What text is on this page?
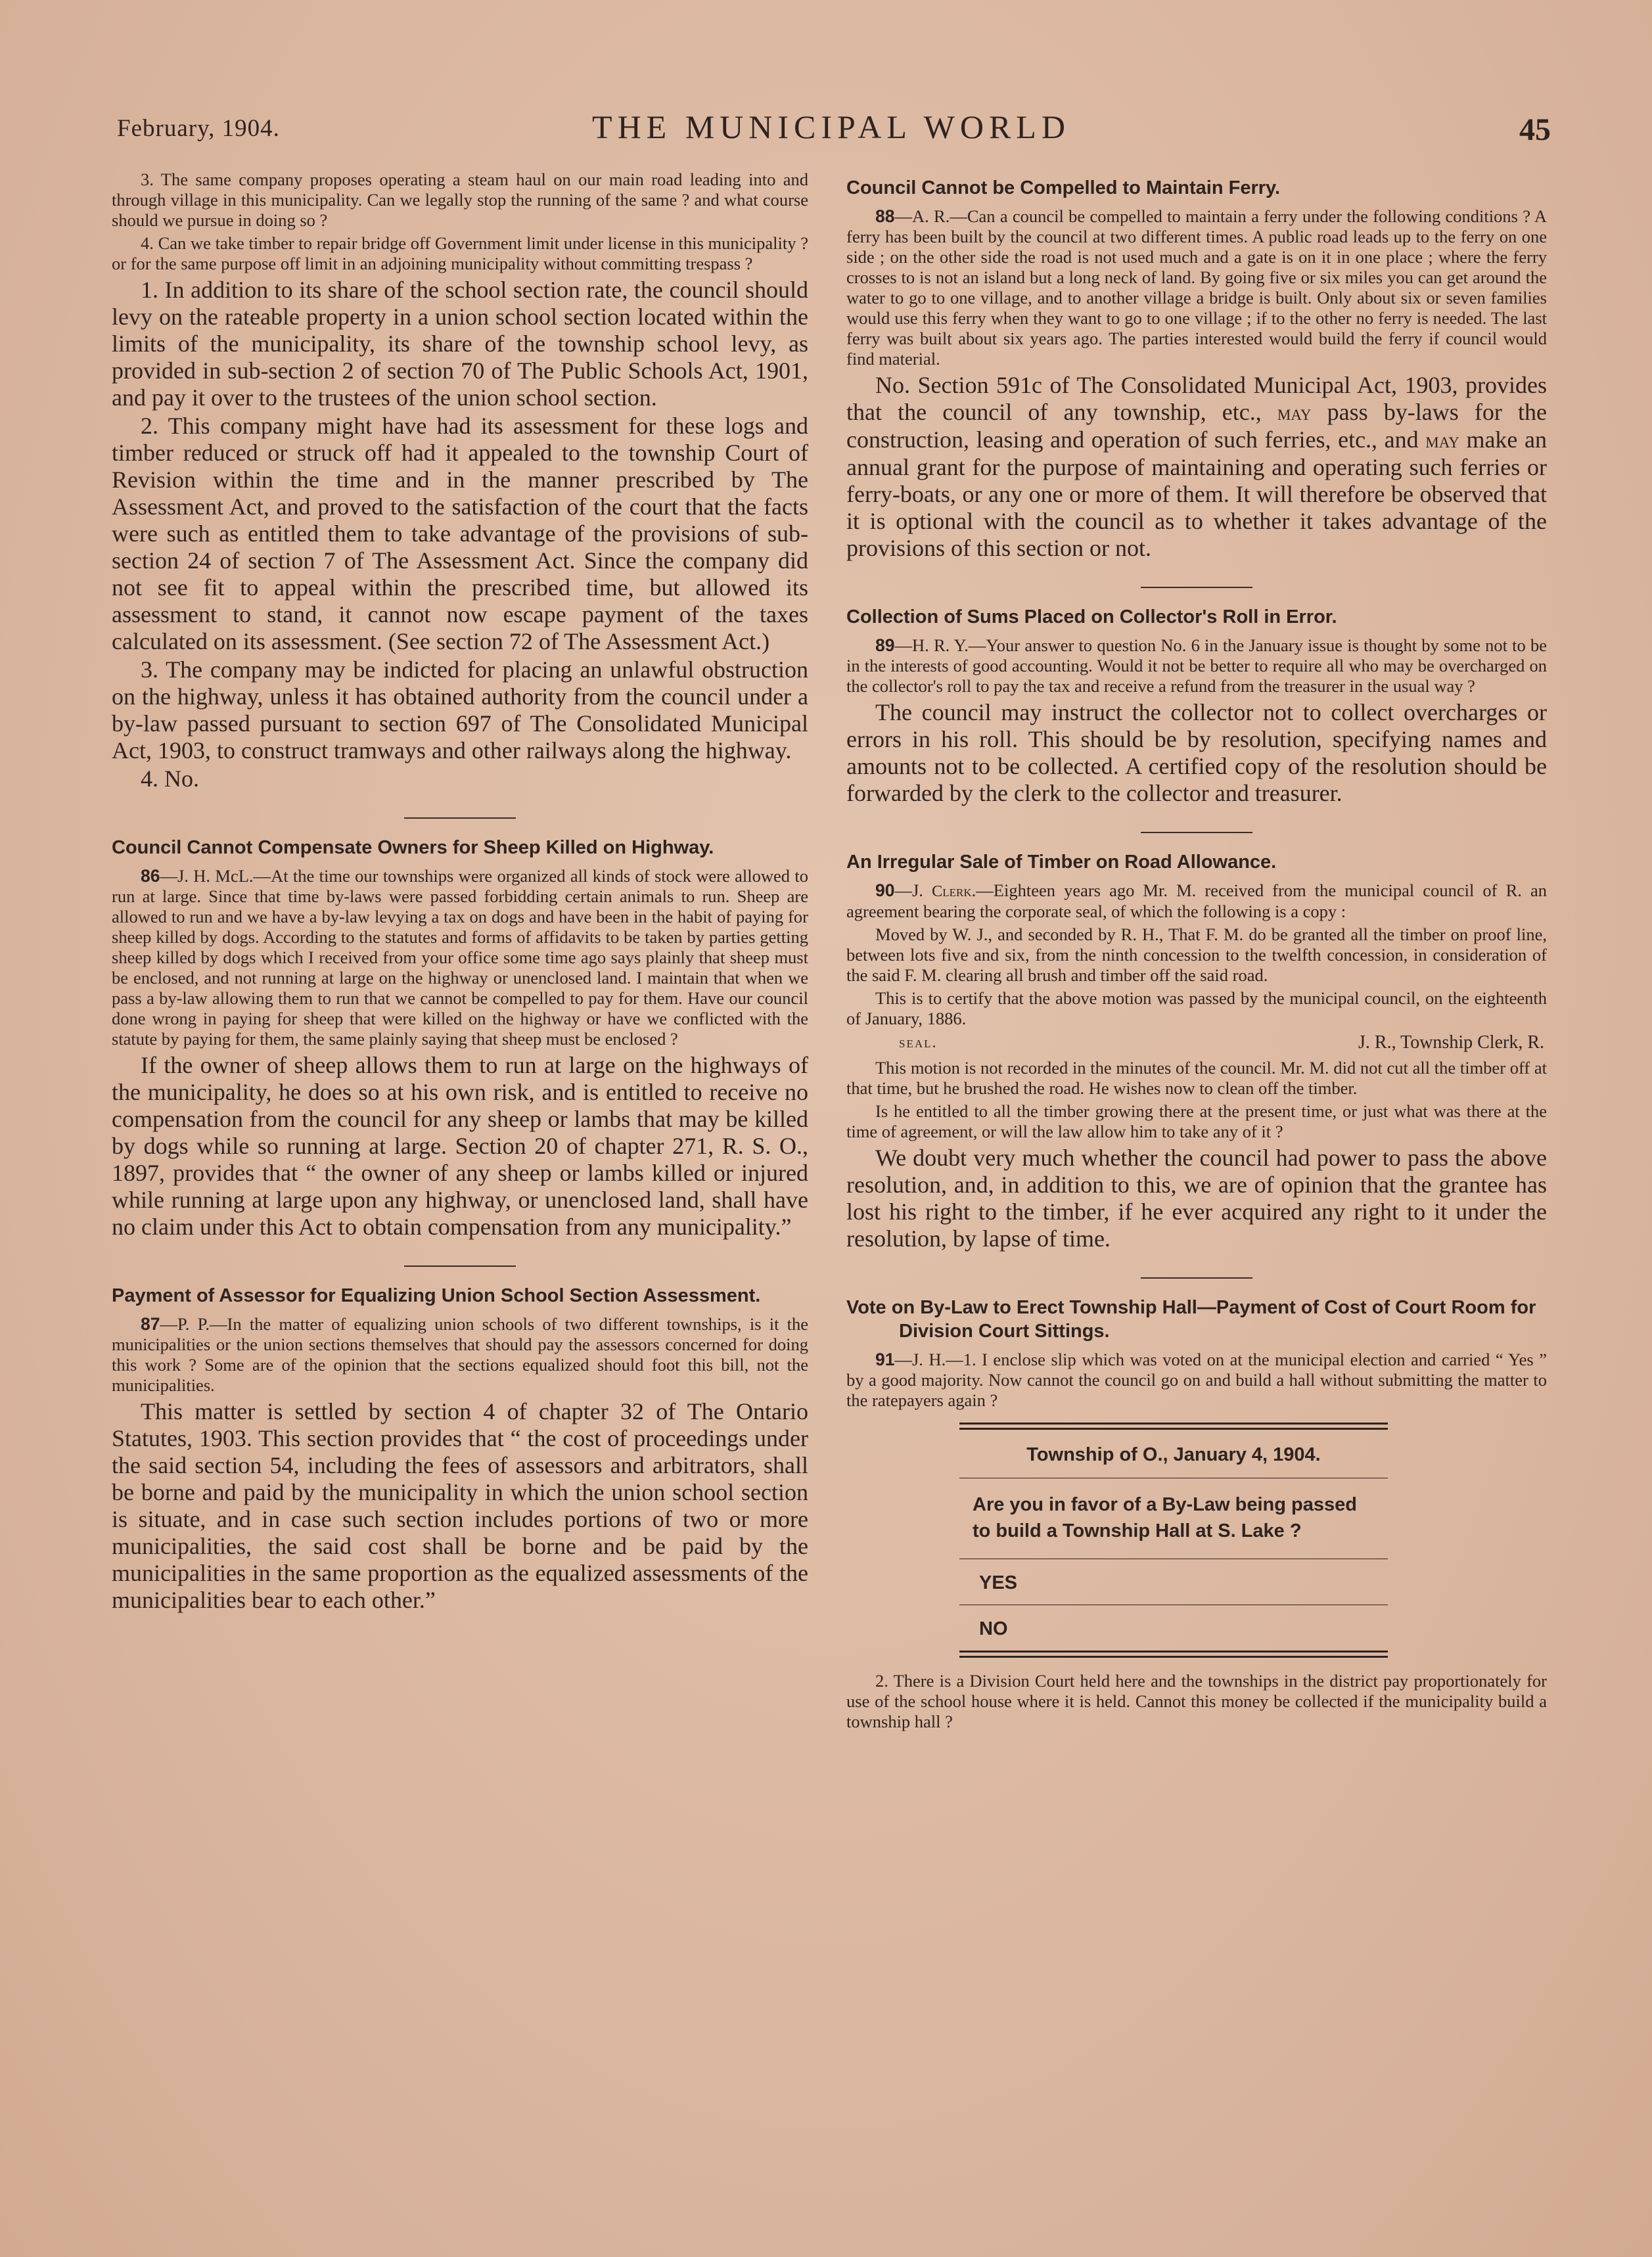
February, 1904.	THE MUNICIPAL WORLD	45

3. The same company proposes operating a steam haul on our main road leading into and through village in this municipality. Can we legally stop the running of the same ? and what course should we pursue in doing so ?

4. Can we take timber to repair bridge off Government limit under license in this municipality ? or for the same purpose off limit in an adjoining municipality without committing trespass ?

1. In addition to its share of the school section rate, the council should levy on the rateable property in a union school section located within the limits of the municipality, its share of the township school levy, as provided in sub-section 2 of section 70 of The Public Schools Act, 1901, and pay it over to the trustees of the union school section.

2. This company might have had its assessment for these logs and timber reduced or struck off had it appealed to the township Court of Revision within the time and in the manner prescribed by The Assessment Act, and proved to the satisfaction of the court that the facts were such as entitled them to take advantage of the provisions of sub-section 24 of section 7 of The Assessment Act. Since the company did not see fit to appeal within the prescribed time, but allowed its assessment to stand, it cannot now escape payment of the taxes calculated on its assessment. (See section 72 of The Assessment Act.)

3. The company may be indicted for placing an unlawful obstruction on the highway, unless it has obtained authority from the council under a by-law passed pursuant to section 697 of The Consolidated Municipal Act, 1903, to construct tramways and other railways along the highway.

4. No.

Council Cannot Compensate Owners for Sheep Killed on Highway.

86—J. H. McL.—At the time our townships were organized all kinds of stock were allowed to run at large. Since that time by-laws were passed forbidding certain animals to run. Sheep are allowed to run and we have a by-law levying a tax on dogs and have been in the habit of paying for sheep killed by dogs. According to the statutes and forms of affidavits to be taken by parties getting sheep killed by dogs which I received from your office some time ago says plainly that sheep must be enclosed, and not running at large on the highway or unenclosed land. I maintain that when we pass a by-law allowing them to run that we cannot be compelled to pay for them. Have our council done wrong in paying for sheep that were killed on the highway or have we conflicted with the statute by paying for them, the same plainly saying that sheep must be enclosed ?

If the owner of sheep allows them to run at large on the highways of the municipality, he does so at his own risk, and is entitled to receive no compensation from the council for any sheep or lambs that may be killed by dogs while so running at large. Section 20 of chapter 271, R. S. O., 1897, provides that “ the owner of any sheep or lambs killed or injured while running at large upon any highway, or unenclosed land, shall have no claim under this Act to obtain compensation from any municipality.”

Payment of Assessor for Equalizing Union School Section Assessment.

87—P. P.—In the matter of equalizing union schools of two different townships, is it the municipalities or the union sections themselves that should pay the assessors concerned for doing this work ? Some are of the opinion that the sections equalized should foot this bill, not the municipalities.

This matter is settled by section 4 of chapter 32 of The Ontario Statutes, 1903. This section provides that “ the cost of proceedings under the said section 54, including the fees of assessors and arbitrators, shall be borne and paid by the municipality in which the union school section is situate, and in case such section includes portions of two or more municipalities, the said cost shall be borne and be paid by the municipalities in the same proportion as the equalized assessments of the municipalities bear to each other.”

Council Cannot be Compelled to Maintain Ferry.

88—A. R.—Can a council be compelled to maintain a ferry under the following conditions ? A ferry has been built by the council at two different times. A public road leads up to the ferry on one side ; on the other side the road is not used much and a gate is on it in one place ; where the ferry crosses to is not an island but a long neck of land. By going five or six miles you can get around the water to go to one village, and to another village a bridge is built. Only about six or seven families would use this ferry when they want to go to one village ; if to the other no ferry is needed. The last ferry was built about six years ago. The parties interested would build the ferry if council would find material.

No. Section 591c of The Consolidated Municipal Act, 1903, provides that the council of any township, etc., may pass by-laws for the construction, leasing and operation of such ferries, etc., and may make an annual grant for the purpose of maintaining and operating such ferries or ferry-boats, or any one or more of them. It will therefore be observed that it is optional with the council as to whether it takes advantage of the provisions of this section or not.

Collection of Sums Placed on Collector's Roll in Error.

89—H. R. Y.—Your answer to question No. 6 in the January issue is thought by some not to be in the interests of good accounting. Would it not be better to require all who may be overcharged on the collector's roll to pay the tax and receive a refund from the treasurer in the usual way ?

The council may instruct the collector not to collect overcharges or errors in his roll. This should be by resolution, specifying names and amounts not to be collected. A certified copy of the resolution should be forwarded by the clerk to the collector and treasurer.

An Irregular Sale of Timber on Road Allowance.

90—J. Clerk.—Eighteen years ago Mr. M. received from the municipal council of R. an agreement bearing the corporate seal, of which the following is a copy :

Moved by W. J., and seconded by R. H., That F. M. do be granted all the timber on proof line, between lots five and six, from the ninth concession to the twelfth concession, in consideration of the said F. M. clearing all brush and timber off the said road.

This is to certify that the above motion was passed by the municipal council, on the eighteenth of January, 1886.

seal.	J. R., Township Clerk, R.

This motion is not recorded in the minutes of the council. Mr. M. did not cut all the timber off at that time, but he brushed the road. He wishes now to clean off the timber.

Is he entitled to all the timber growing there at the present time, or just what was there at the time of agreement, or will the law allow him to take any of it ?

We doubt very much whether the council had power to pass the above resolution, and, in addition to this, we are of opinion that the grantee has lost his right to the timber, if he ever acquired any right to it under the resolution, by lapse of time.

Vote on By-Law to Erect Township Hall—Payment of Cost of Court Room for Division Court Sittings.

91—J. H.—1. I enclose slip which was voted on at the municipal election and carried “ Yes ” by a good majority. Now cannot the council go on and build a hall without submitting the matter to the ratepayers again ?

Township of O., January 4, 1904.
Are you in favor of a By-Law being passed to build a Township Hall at S. Lake ?
YES
NO

2. There is a Division Court held here and the townships in the district pay proportionately for use of the school house where it is held. Cannot this money be collected if the municipality build a township hall ?
